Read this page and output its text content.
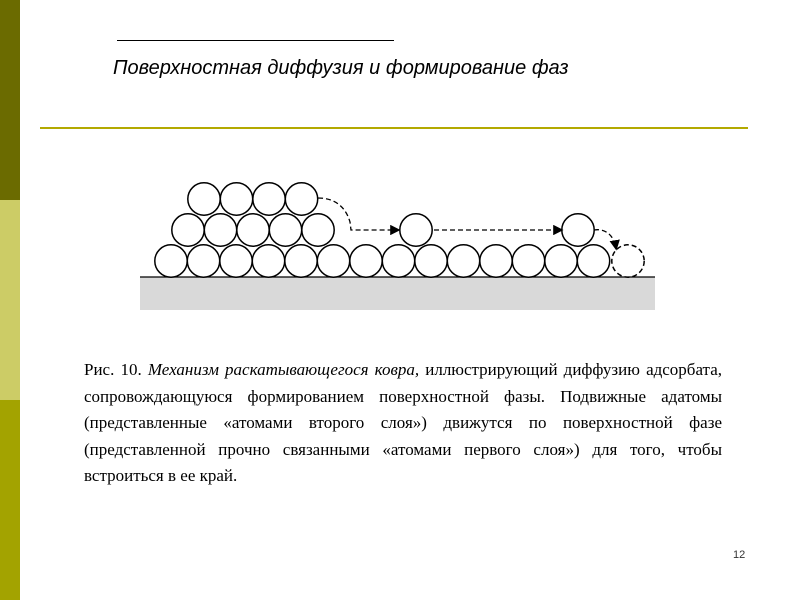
Поверхностная диффузия и формирование фаз
Рис. 10. Механизм раскатывающегося ковра, иллюстрирующий диффузию адсорбата, сопровождающуюся формированием поверхностной фазы. Подвижные адатомы (представленные «атомами второго слоя») движутся по поверхностной фазе (представленной прочно связанными «атомами первого слоя») для того, чтобы встроиться в ее край.
12
